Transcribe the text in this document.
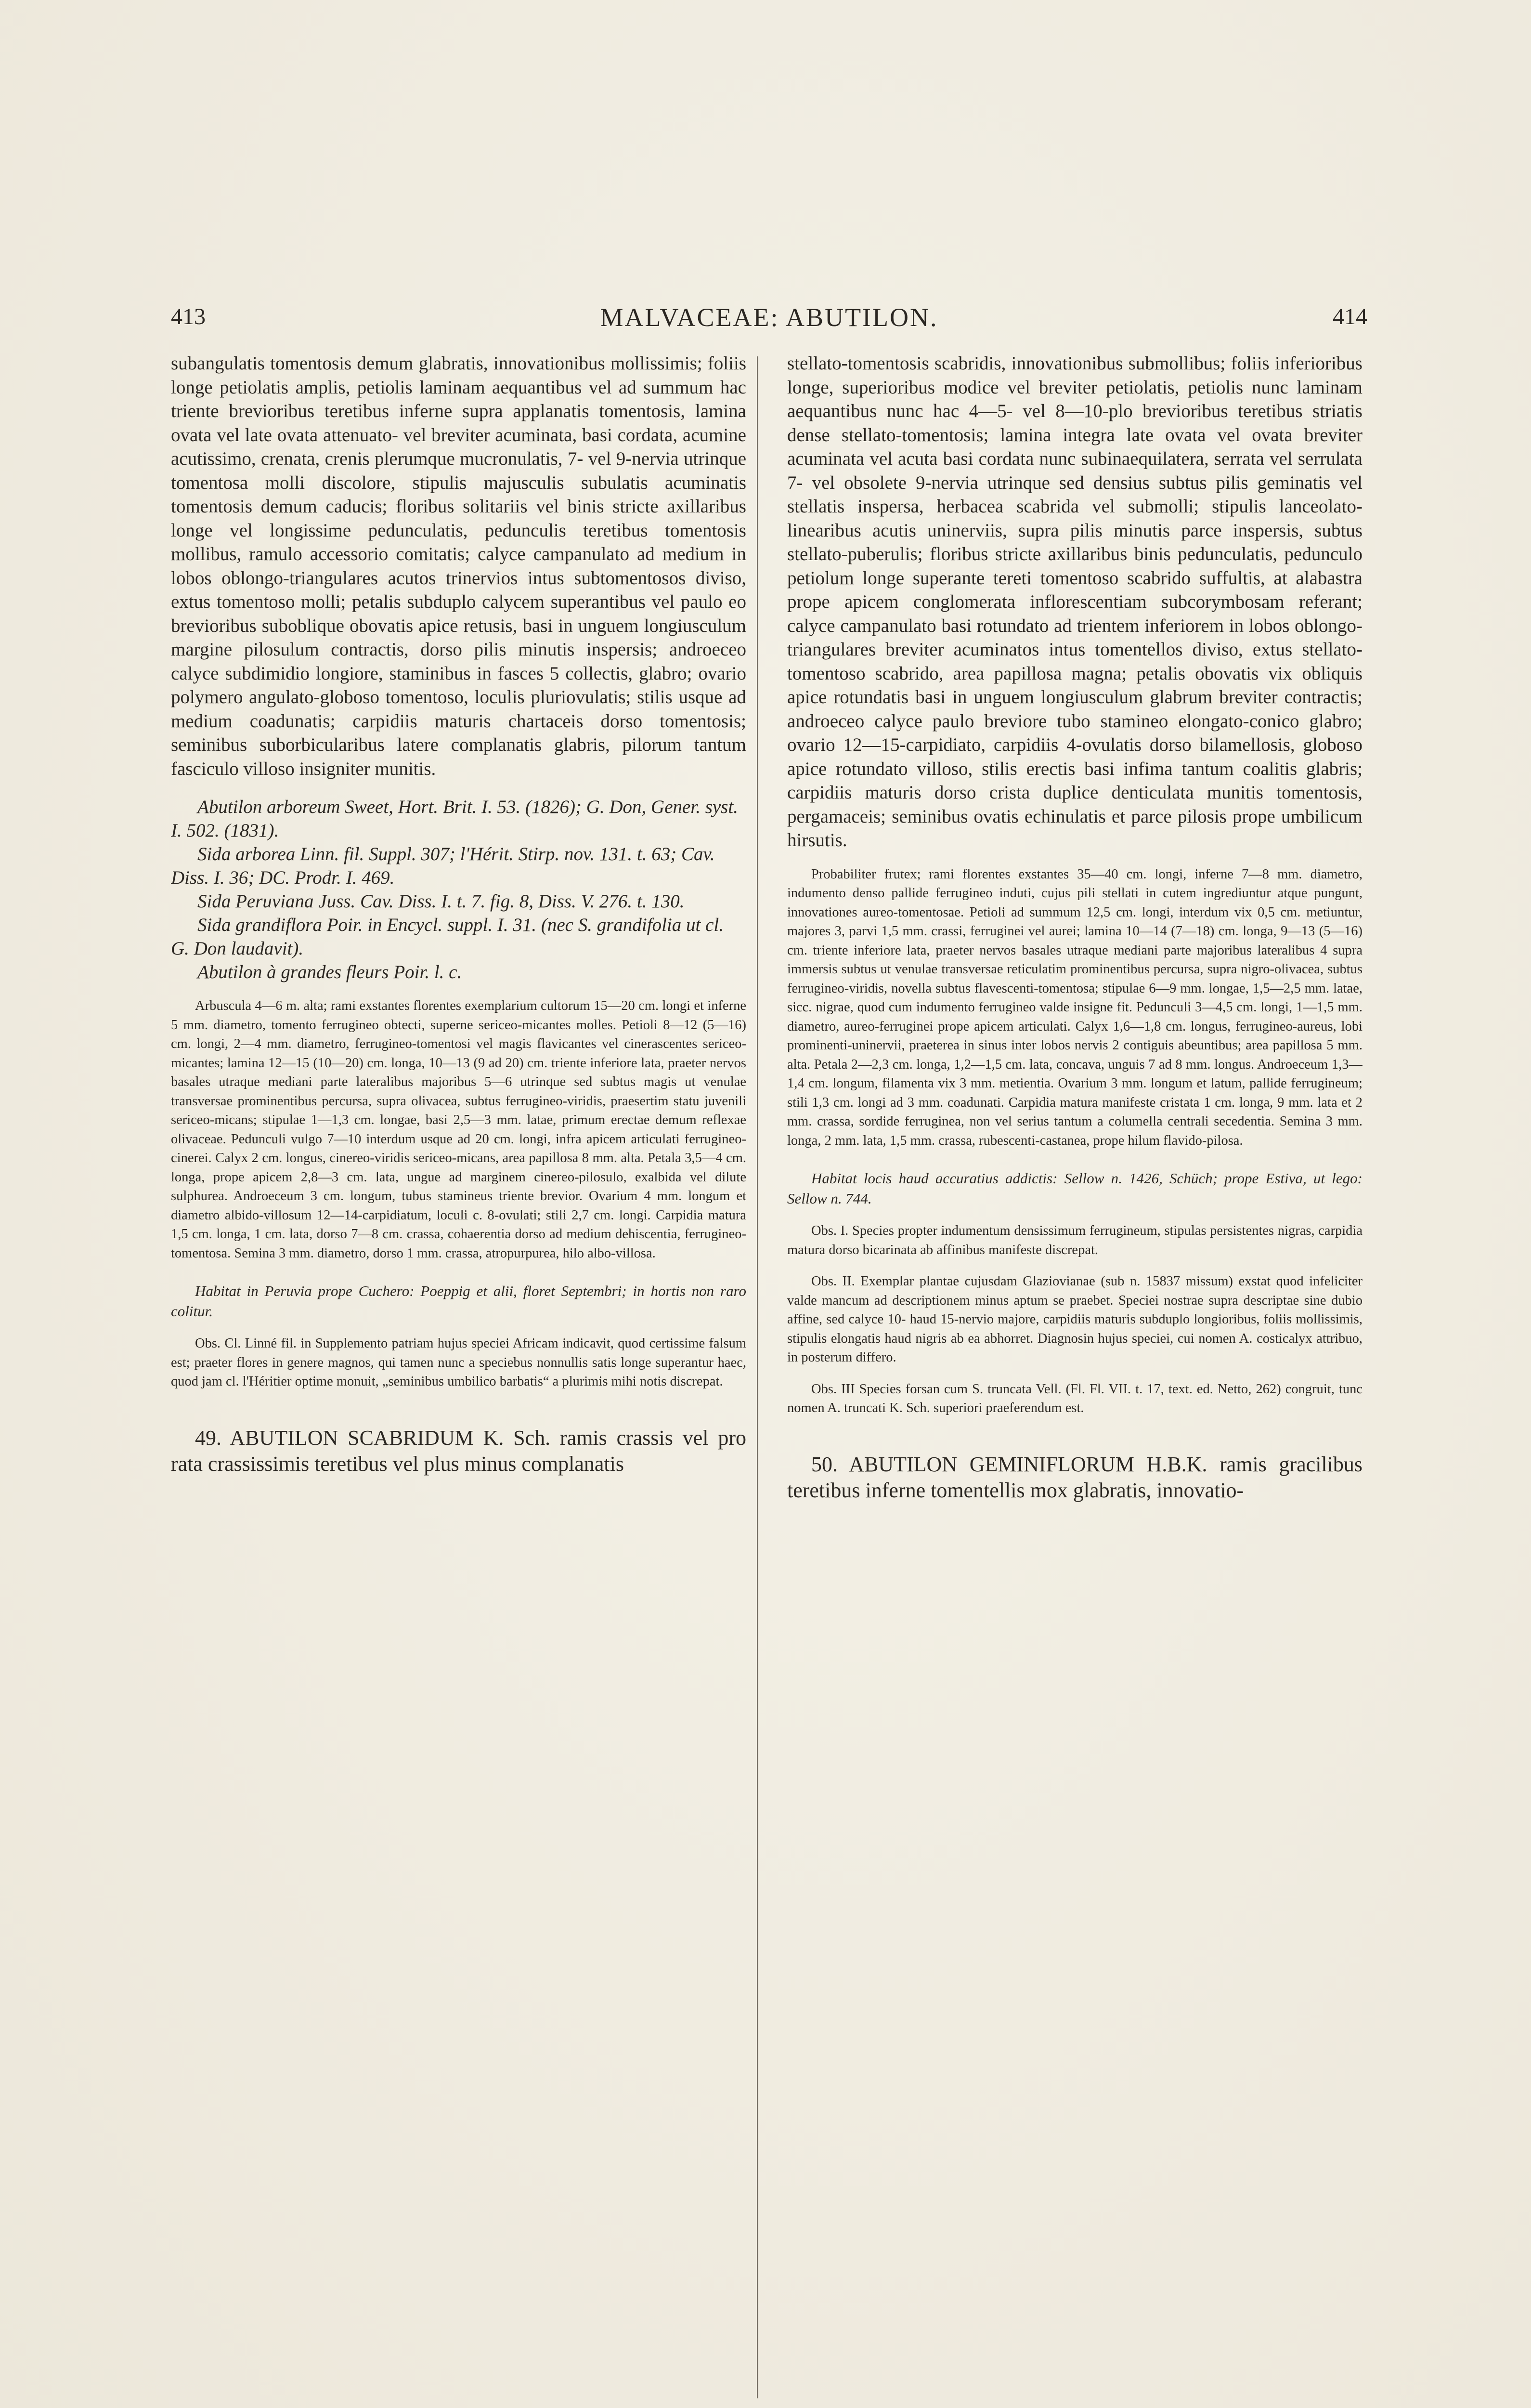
413	MALVACEAE: ABUTILON.	414

subangulatis tomentosis demum glabratis, innovationibus mollissimis; foliis longe petiolatis amplis, petiolis laminam aequantibus vel ad summum hac triente brevioribus teretibus inferne supra applanatis tomentosis, lamina ovata vel late ovata attenuato- vel breviter acuminata, basi cordata, acumine acutissimo, crenata, crenis plerumque mucronulatis, 7- vel 9-nervia utrinque tomentosa molli discolore, stipulis majusculis subulatis acuminatis tomentosis demum caducis; floribus solitariis vel binis stricte axillaribus longe vel longissime pedunculatis, pedunculis teretibus tomentosis mollibus, ramulo accessorio comitatis; calyce campanulato ad medium in lobos oblongo-triangulares acutos trinervios intus subtomentosos diviso, extus tomentoso molli; petalis subduplo calycem superantibus vel paulo eo brevioribus suboblique obovatis apice retusis, basi in unguem longiusculum margine pilosulum contractis, dorso pilis minutis inspersis; androeceo calyce subdimidio longiore, staminibus in fasces 5 collectis, glabro; ovario polymero angulato-globoso tomentoso, loculis pluriovulatis; stilis usque ad medium coadunatis; carpidiis maturis chartaceis dorso tomentosis; seminibus suborbicularibus latere complanatis glabris, pilorum tantum fasciculo villoso insigniter munitis.

Abutilon arboreum Sweet, Hort. Brit. I. 53. (1826); G. Don, Gener. syst. I. 502. (1831).
Sida arborea Linn. fil. Suppl. 307; l'Hérit. Stirp. nov. 131. t. 63; Cav. Diss. I. 36; DC. Prodr. I. 469.
Sida Peruviana Juss. Cav. Diss. I. t. 7. fig. 8, Diss. V. 276. t. 130.
Sida grandiflora Poir. in Encycl. suppl. I. 31. (nec S. grandifolia ut cl. G. Don laudavit).
Abutilon à grandes fleurs Poir. l. c.

Arbuscula 4—6 m. alta; rami exstantes florentes exemplarium cultorum 15—20 cm. longi et inferne 5 mm. diametro, tomento ferrugineo obtecti, superne sericeo-micantes molles. Petioli 8—12 (5—16) cm. longi, 2—4 mm. diametro, ferrugineo-tomentosi vel magis flavicantes vel cinerascentes sericeo-micantes; lamina 12—15 (10—20) cm. longa, 10—13 (9 ad 20) cm. triente inferiore lata, praeter nervos basales utraque mediani parte lateralibus majoribus 5—6 utrinque sed subtus magis ut venulae transversae prominentibus percursa, supra olivacea, subtus ferrugineo-viridis, praesertim statu juvenili sericeo-micans; stipulae 1—1,3 cm. longae, basi 2,5—3 mm. latae, primum erectae demum reflexae olivaceae. Pedunculi vulgo 7—10 interdum usque ad 20 cm. longi, infra apicem articulati ferrugineo-cinerei. Calyx 2 cm. longus, cinereo-viridis sericeo-micans, area papillosa 8 mm. alta. Petala 3,5—4 cm. longa, prope apicem 2,8—3 cm. lata, ungue ad marginem cinereo-pilosulo, exalbida vel dilute sulphurea. Androeceum 3 cm. longum, tubus stamineus triente brevior. Ovarium 4 mm. longum et diametro albido-villosum 12—14-carpidiatum, loculi c. 8-ovulati; stili 2,7 cm. longi. Carpidia matura 1,5 cm. longa, 1 cm. lata, dorso 7—8 cm. crassa, cohaerentia dorso ad medium dehiscentia, ferrugineo-tomentosa. Semina 3 mm. diametro, dorso 1 mm. crassa, atropurpurea, hilo albo-villosa.

Habitat in Peruvia prope Cuchero: Poeppig et alii, floret Septembri; in hortis non raro colitur.

Obs. Cl. Linné fil. in Supplemento patriam hujus speciei Africam indicavit, quod certissime falsum est; praeter flores in genere magnos, qui tamen nunc a speciebus nonnullis satis longe superantur haec, quod jam cl. l'Héritier optime monuit, „seminibus umbilico barbatis“ a plurimis mihi notis discrepat.

49. ABUTILON SCABRIDUM K. Sch. ramis crassis vel pro rata crassissimis teretibus vel plus minus complanatis

stellato-tomentosis scabridis, innovationibus submollibus; foliis inferioribus longe, superioribus modice vel breviter petiolatis, petiolis nunc laminam aequantibus nunc hac 4—5- vel 8—10-plo brevioribus teretibus striatis dense stellato-tomentosis; lamina integra late ovata vel ovata breviter acuminata vel acuta basi cordata nunc subinaequilatera, serrata vel serrulata 7- vel obsolete 9-nervia utrinque sed densius subtus pilis geminatis vel stellatis inspersa, herbacea scabrida vel submolli; stipulis lanceolato-linearibus acutis uninerviis, supra pilis minutis parce inspersis, subtus stellato-puberulis; floribus stricte axillaribus binis pedunculatis, pedunculo petiolum longe superante tereti tomentoso scabrido suffultis, at alabastra prope apicem conglomerata inflorescentiam subcorymbosam referant; calyce campanulato basi rotundato ad trientem inferiorem in lobos oblongo-triangulares breviter acuminatos intus tomentellos diviso, extus stellato-tomentoso scabrido, area papillosa magna; petalis obovatis vix obliquis apice rotundatis basi in unguem longiusculum glabrum breviter contractis; androeceo calyce paulo breviore tubo stamineo elongato-conico glabro; ovario 12—15-carpidiato, carpidiis 4-ovulatis dorso bilamellosis, globoso apice rotundato villoso, stilis erectis basi infima tantum coalitis glabris; carpidiis maturis dorso crista duplice denticulata munitis tomentosis, pergamaceis; seminibus ovatis echinulatis et parce pilosis prope umbilicum hirsutis.

Probabiliter frutex; rami florentes exstantes 35—40 cm. longi, inferne 7—8 mm. diametro, indumento denso pallide ferrugineo induti, cujus pili stellati in cutem ingrediuntur atque pungunt, innovationes aureo-tomentosae. Petioli ad summum 12,5 cm. longi, interdum vix 0,5 cm. metiuntur, majores 3, parvi 1,5 mm. crassi, ferruginei vel aurei; lamina 10—14 (7—18) cm. longa, 9—13 (5—16) cm. triente inferiore lata, praeter nervos basales utraque mediani parte majoribus lateralibus 4 supra immersis subtus ut venulae transversae reticulatim prominentibus percursa, supra nigro-olivacea, subtus ferrugineo-viridis, novella subtus flavescenti-tomentosa; stipulae 6—9 mm. longae, 1,5—2,5 mm. latae, sicc. nigrae, quod cum indumento ferrugineo valde insigne fit. Pedunculi 3—4,5 cm. longi, 1—1,5 mm. diametro, aureo-ferruginei prope apicem articulati. Calyx 1,6—1,8 cm. longus, ferrugineo-aureus, lobi prominenti-uninervii, praeterea in sinus inter lobos nervis 2 contiguis abeuntibus; area papillosa 5 mm. alta. Petala 2—2,3 cm. longa, 1,2—1,5 cm. lata, concava, unguis 7 ad 8 mm. longus. Androeceum 1,3—1,4 cm. longum, filamenta vix 3 mm. metientia. Ovarium 3 mm. longum et latum, pallide ferrugineum; stili 1,3 cm. longi ad 3 mm. coadunati. Carpidia matura manifeste cristata 1 cm. longa, 9 mm. lata et 2 mm. crassa, sordide ferruginea, non vel serius tantum a columella centrali secedentia. Semina 3 mm. longa, 2 mm. lata, 1,5 mm. crassa, rubescenti-castanea, prope hilum flavido-pilosa.

Habitat locis haud accuratius addictis: Sellow n. 1426, Schüch; prope Estiva, ut lego: Sellow n. 744.

Obs. I. Species propter indumentum densissimum ferrugineum, stipulas persistentes nigras, carpidia matura dorso bicarinata ab affinibus manifeste discrepat.

Obs. II. Exemplar plantae cujusdam Glaziovianae (sub n. 15837 missum) exstat quod infeliciter valde mancum ad descriptionem minus aptum se praebet. Speciei nostrae supra descriptae sine dubio affine, sed calyce 10- haud 15-nervio majore, carpidiis maturis subduplo longioribus, foliis mollissimis, stipulis elongatis haud nigris ab ea abhorret. Diagnosin hujus speciei, cui nomen A. costicalyx attribuo, in posterum differo.

Obs. III Species forsan cum S. truncata Vell. (Fl. Fl. VII. t. 17, text. ed. Netto, 262) congruit, tunc nomen A. truncati K. Sch. superiori praeferendum est.

50. ABUTILON GEMINIFLORUM H.B.K. ramis gracilibus teretibus inferne tomentellis mox glabratis, innovatio-
